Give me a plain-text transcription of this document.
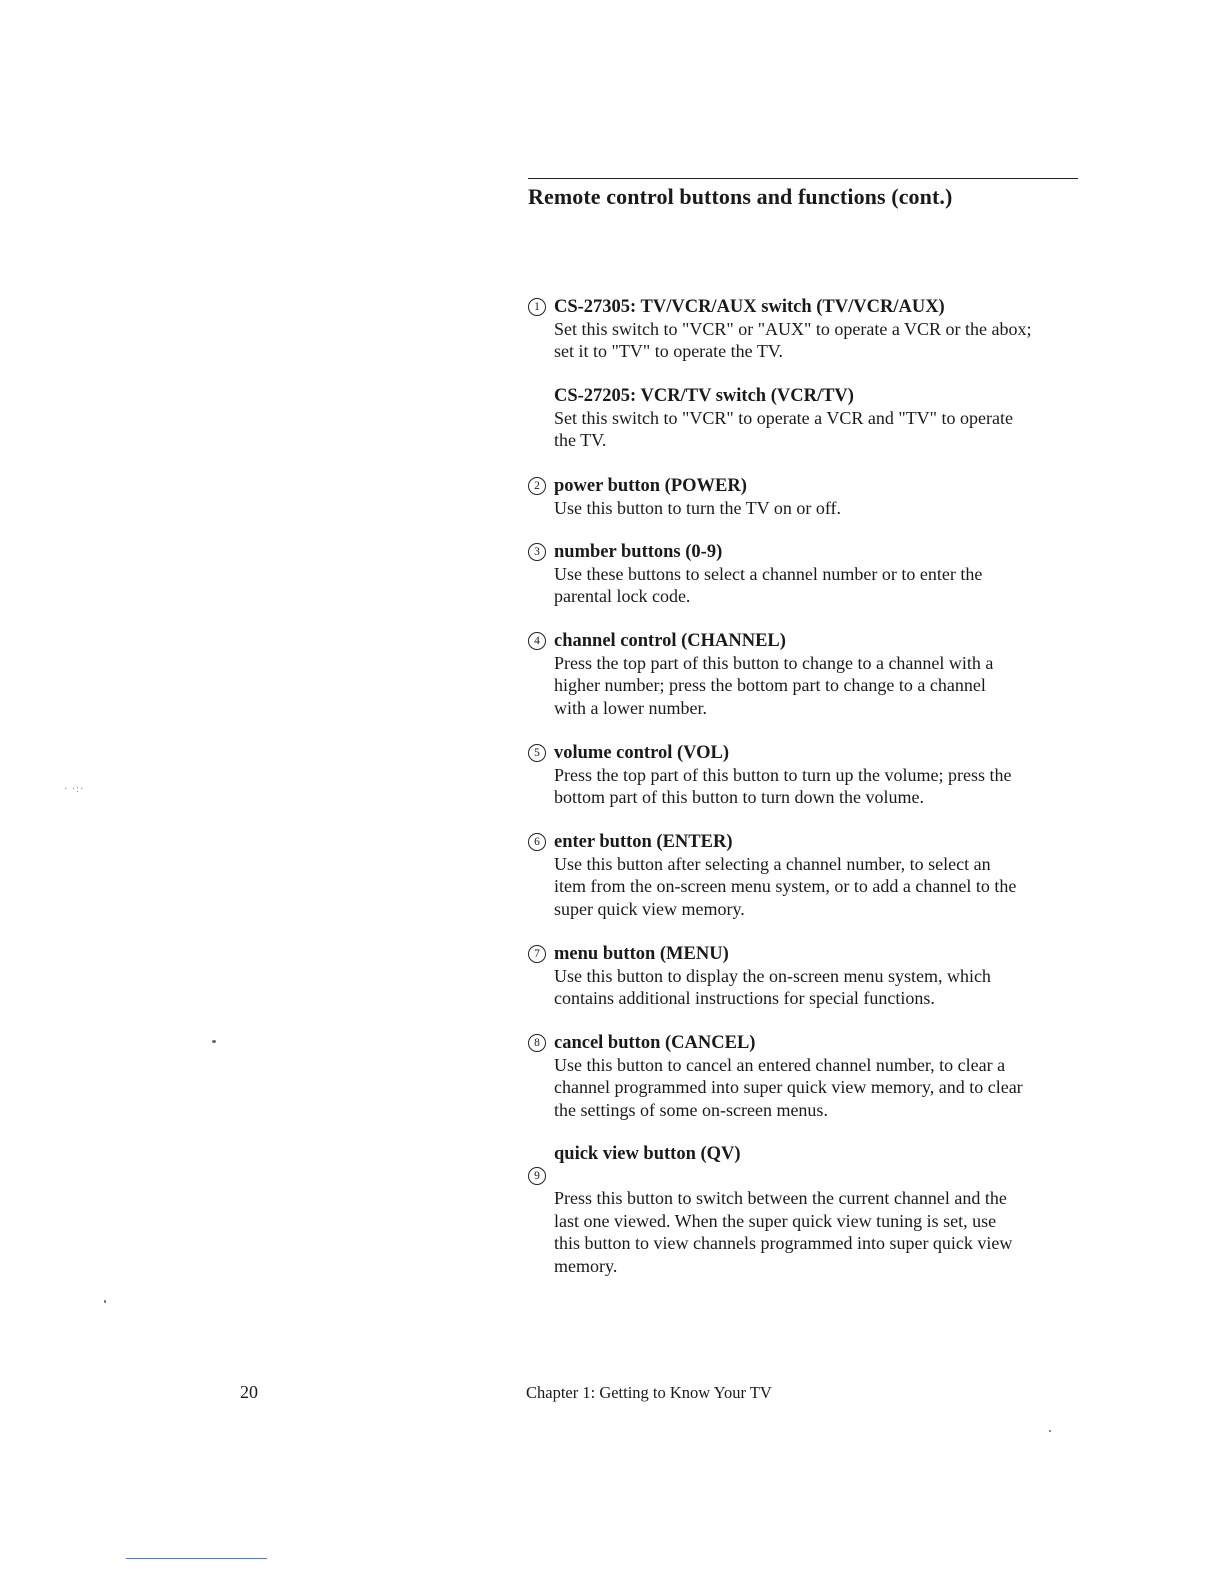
Remote control buttons and functions (cont.)
1 CS-27305: TV/VCR/AUX switch (TV/VCR/AUX)
Set this switch to "VCR" or "AUX" to operate a VCR or the abox;
set it to "TV" to operate the TV.
CS-27205: VCR/TV switch (VCR/TV)
Set this switch to "VCR" to operate a VCR and "TV" to operate
the TV.
2 power button (POWER)
Use this button to turn the TV on or off.
3 number buttons (0-9)
Use these buttons to select a channel number or to enter the
parental lock code.
4 channel control (CHANNEL)
Press the top part of this button to change to a channel with a
higher number; press the bottom part to change to a channel
with a lower number.
5 volume control (VOL)
Press the top part of this button to turn up the volume; press the
bottom part of this button to turn down the volume.
6 enter button (ENTER)
Use this button after selecting a channel number, to select an
item from the on-screen menu system, or to add a channel to the
super quick view memory.
7 menu button (MENU)
Use this button to display the on-screen menu system, which
contains additional instructions for special functions.
8 cancel button (CANCEL)
Use this button to cancel an entered channel number, to clear a
channel programmed into super quick view memory, and to clear
the settings of some on-screen menus.
quick view button (QV)

9
Press this button to switch between the current channel and the
last one viewed. When the super quick view tuning is set, use
this button to view channels programmed into super quick view
memory.

20	Chapter 1: Getting to Know Your TV
· ·:·
